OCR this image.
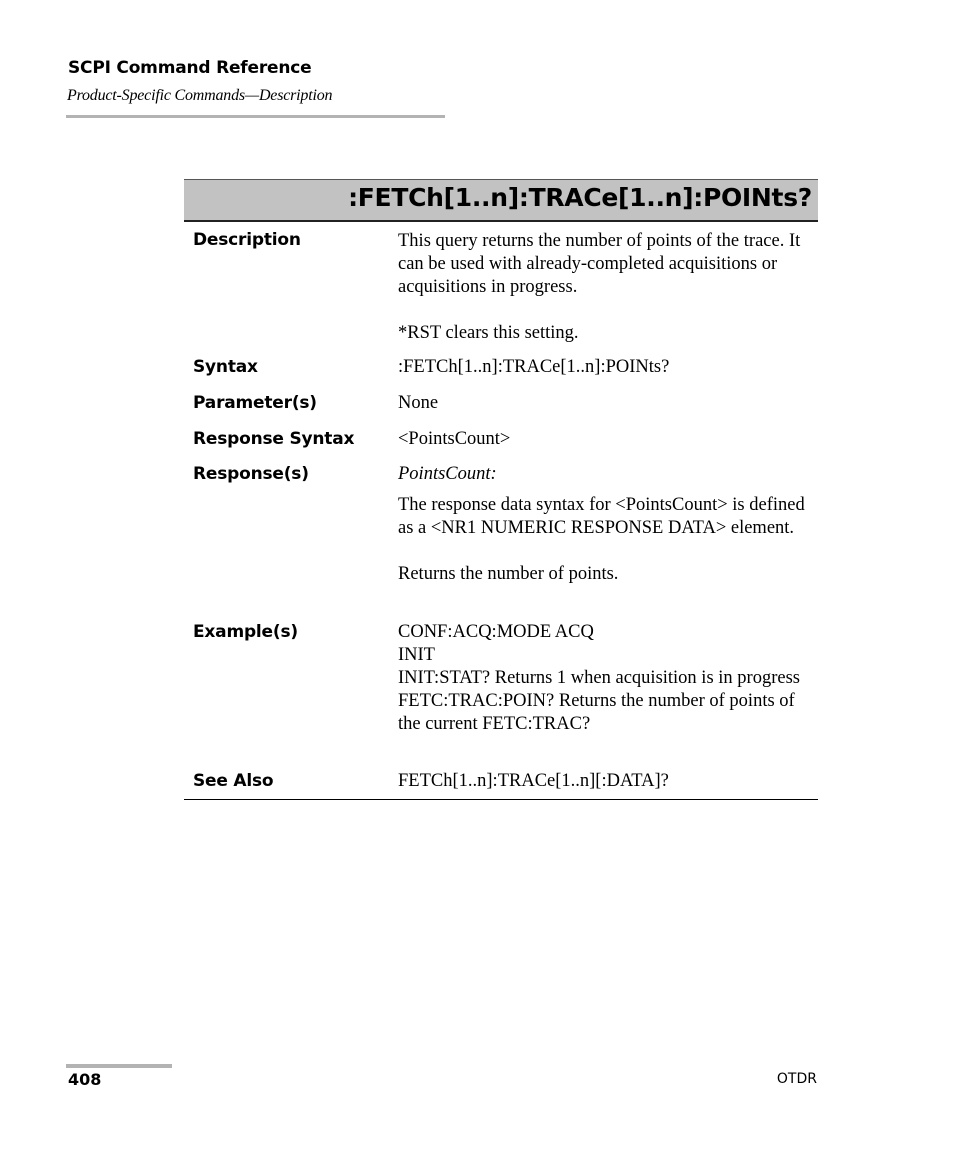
SCPI Command Reference
Product-Specific Commands—Description
:FETCh[1..n]:TRACe[1..n]:POINts?
Description	This query returns the number of points of the trace. It can be used with already-completed acquisitions or acquisitions in progress.

*RST clears this setting.

Syntax	:FETCh[1..n]:TRACe[1..n]:POINts?
Parameter(s)	None
Response Syntax <PointsCount>
Response(s)	PointsCount:

The response data syntax for <PointsCount> is defined as a <NR1 NUMERIC RESPONSE DATA> element.

Returns the number of points.

Example(s)	CONF:ACQ:MODE ACQ

INIT

INIT:STAT? Returns 1 when acquisition is in progress

FETC:TRAC:POIN? Returns the number of points of the current FETC:TRAC?

See Also	FETCh[1..n]:TRACe[1..n][:DATA]?
408	OTDR
